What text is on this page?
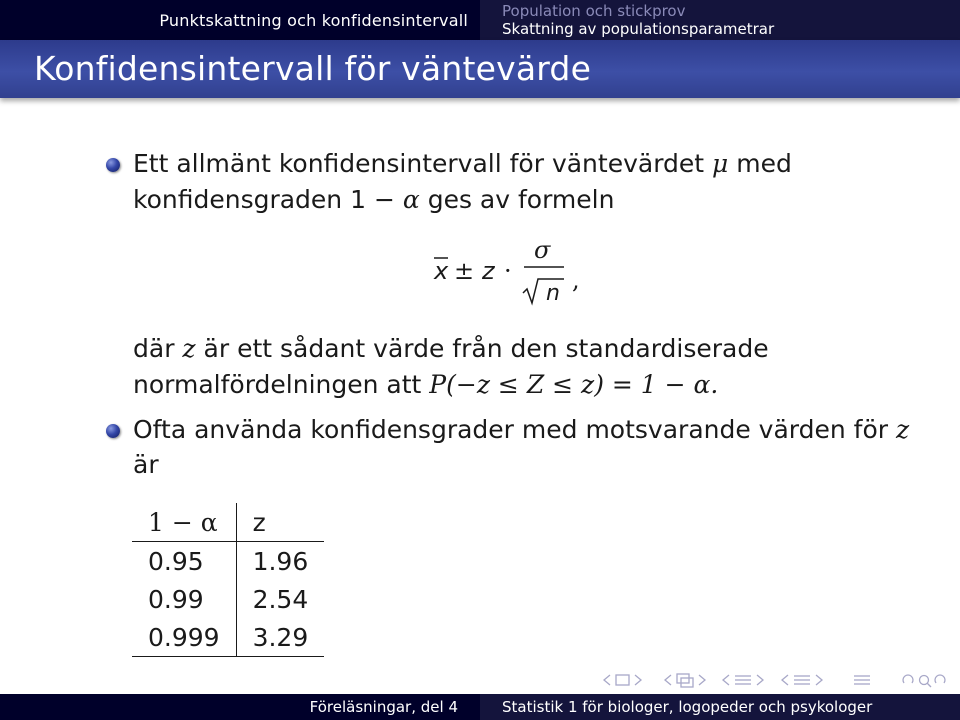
Punktskattning och konfidensintervall Population och stickprov
Skattning av populationsparametrar
Konfidensintervall för väntevärde
Ett allmänt konfidensintervall för väntevärdet μ med
konfidensgraden 1 − α ges av formeln
x ± z ·
σ
n ,
där z är ett sådant värde från den standardiserade
normalfördelningen att P(−z ≤ Z ≤ z) = 1 − α.
Ofta använda konfidensgrader med motsvarande värden för z
är
1 − α	z
0.95	1.96
0.99	2.54
0.999	3.29
Föreläsningar, del 4	Statistik 1 för biologer, logopeder och psykologer
